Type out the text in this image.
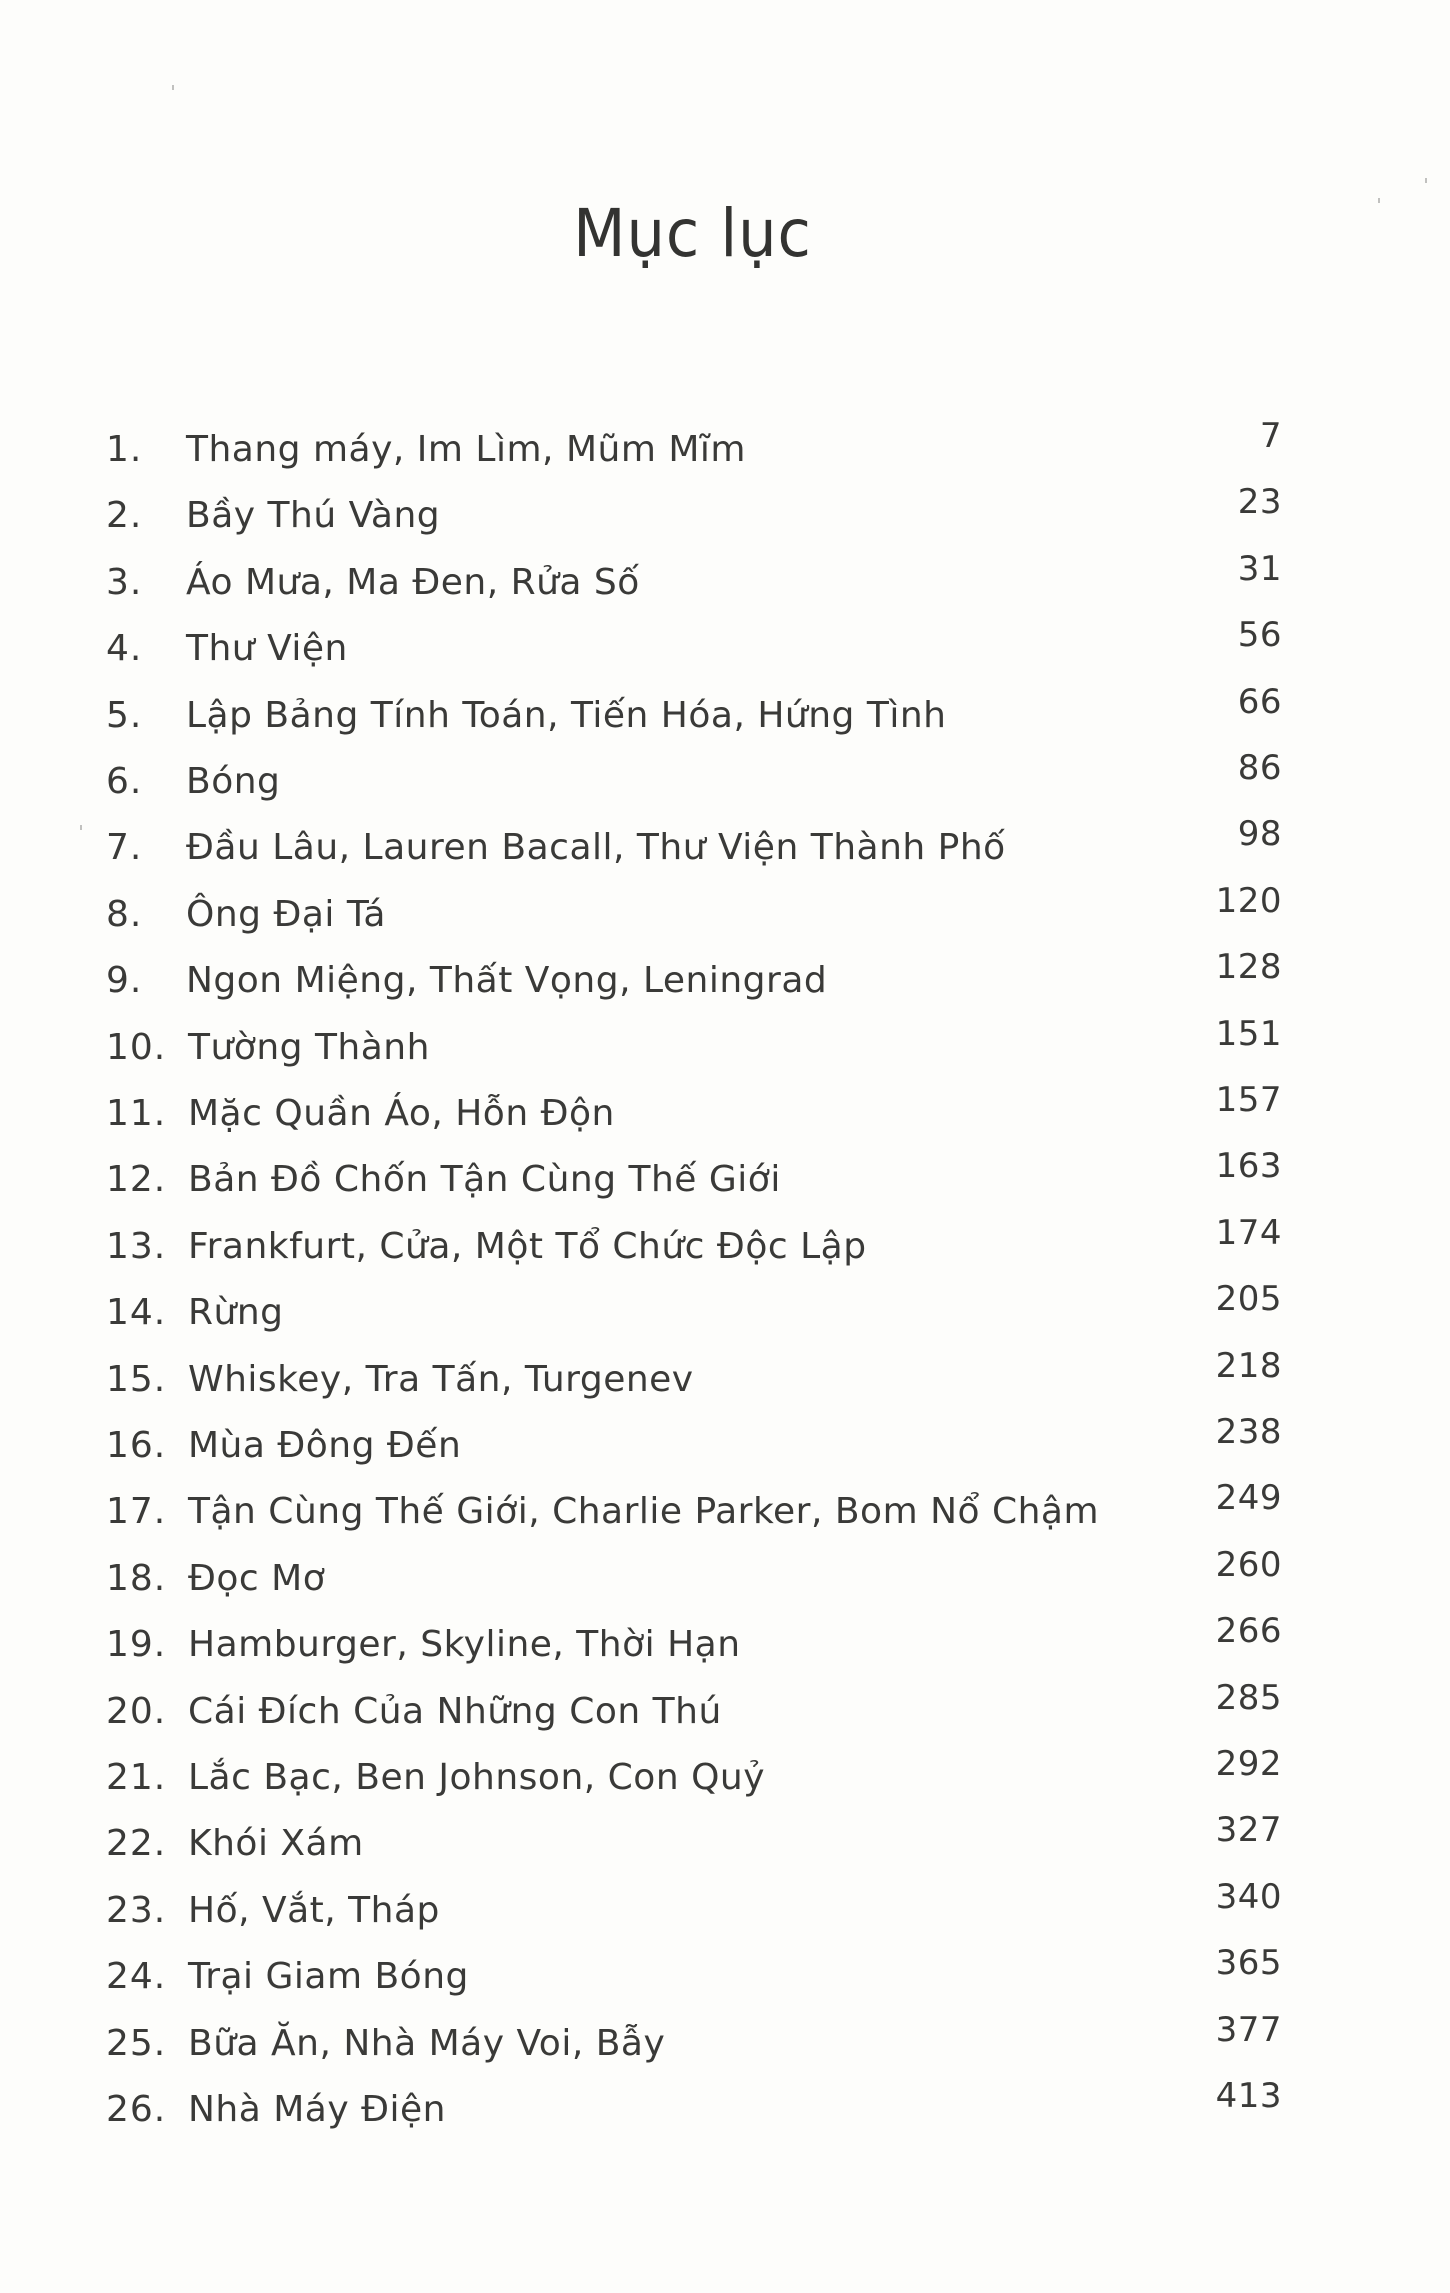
Mục lục
1. Thang máy, Im Lìm, Mũm Mĩm	7
2. Bầy Thú Vàng	23
3. Áo Mưa, Ma Đen, Rửa Số	31
4. Thư Viện	56
5. Lập Bảng Tính Toán, Tiến Hóa, Hứng Tình	66
6. Bóng	86
7. Đầu Lâu, Lauren Bacall, Thư Viện Thành Phố	98
8. Ông Đại Tá	120
9. Ngon Miệng, Thất Vọng, Leningrad	128
10. Tường Thành	151
11. Mặc Quần Áo, Hỗn Độn	157
12. Bản Đồ Chốn Tận Cùng Thế Giới	163
13. Frankfurt, Cửa, Một Tổ Chức Độc Lập	174
14. Rừng	205
15. Whiskey, Tra Tấn, Turgenev	218
16. Mùa Đông Đến	238
17. Tận Cùng Thế Giới, Charlie Parker, Bom Nổ Chậm	249
18. Đọc Mơ	260
19. Hamburger, Skyline, Thời Hạn	266
20. Cái Đích Của Những Con Thú	285
21. Lắc Bạc, Ben Johnson, Con Quỷ	292
22. Khói Xám	327
23. Hố, Vắt, Tháp	340
24. Trại Giam Bóng	365
25. Bữa Ăn, Nhà Máy Voi, Bẫy	377
26. Nhà Máy Điện	413
